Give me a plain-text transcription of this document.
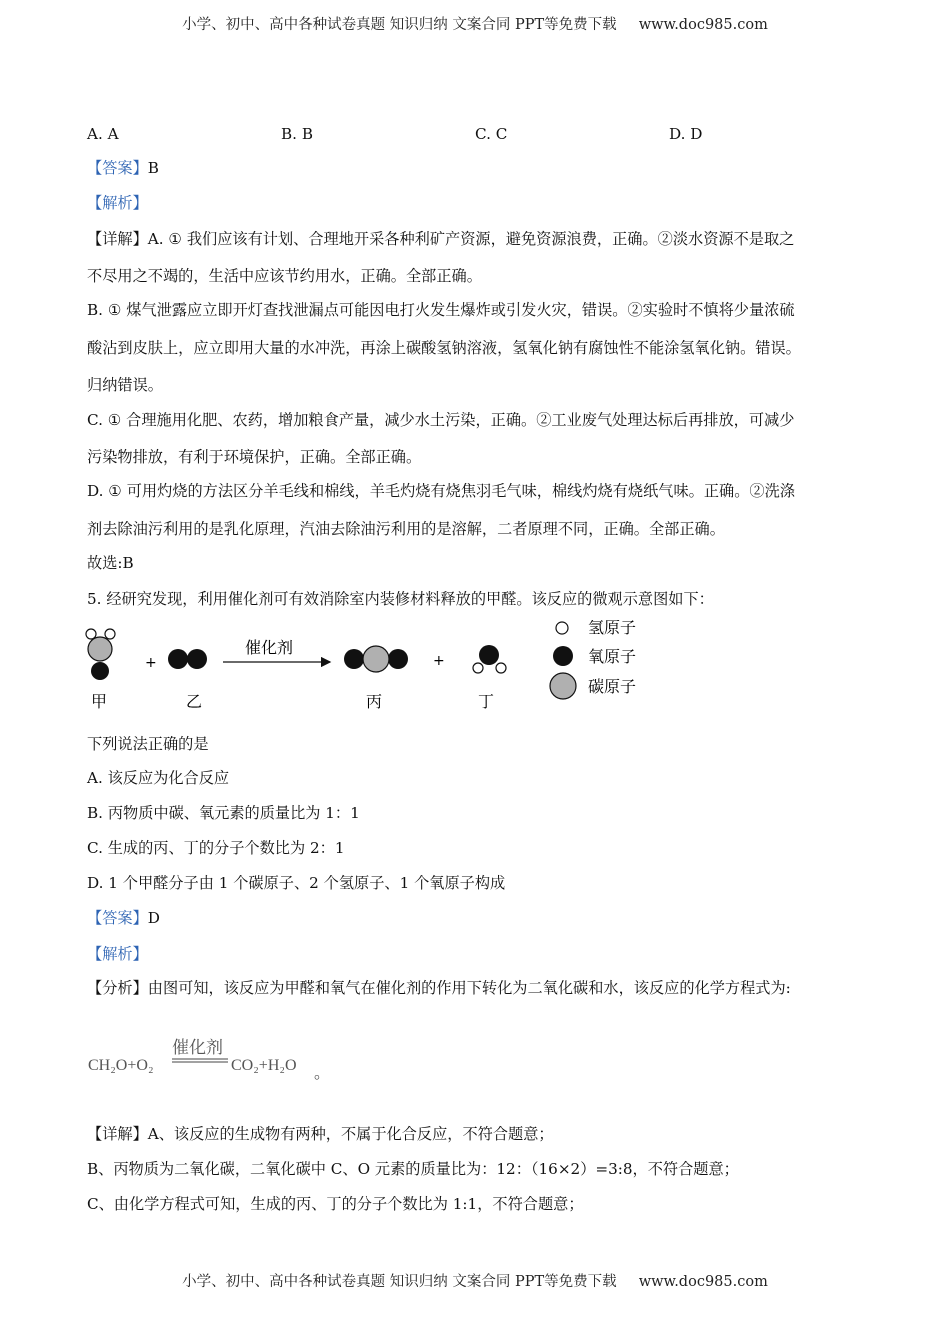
小学、初中、高中各种试卷真题 知识归纳 文案合同 PPT等免费下载 www.doc985.com
A. A	B. B	C. C	D. D
【答案】B
【解析】
【详解】A. ① 我们应该有计划、合理地开采各种利矿产资源，避免资源浪费，正确。②淡水资源不是取之
不尽用之不竭的，生活中应该节约用水，正确。全部正确。
B. ① 煤气泄露应立即开灯查找泄漏点可能因电打火发生爆炸或引发火灾，错误。②实验时不慎将少量浓硫
酸沾到皮肤上，应立即用大量的水冲洗，再涂上碳酸氢钠溶液，氢氧化钠有腐蚀性不能涂氢氧化钠。错误。
归纳错误。
C. ① 合理施用化肥、农药，增加粮食产量，减少水土污染，正确。②工业废气处理达标后再排放，可减少
污染物排放，有利于环境保护，正确。全部正确。
D. ① 可用灼烧的方法区分羊毛线和棉线，羊毛灼烧有烧焦羽毛气味，棉线灼烧有烧纸气味。正确。②洗涤
剂去除油污利用的是乳化原理，汽油去除油污利用的是溶解，二者原理不同，正确。全部正确。
故选:B
5. 经研究发现，利用催化剂可有效消除室内装修材料释放的甲醛。该反应的微观示意图如下：
+
催化剂
+
甲	乙	丙	丁
氢原子
氧原子
碳原子
下列说法正确的是
A. 该反应为化合反应
B. 丙物质中碳、氧元素的质量比为 1：1
C. 生成的丙、丁的分子个数比为 2：1
D. 1 个甲醛分子由 1 个碳原子、2 个氢原子、1 个氧原子构成
【答案】D
【解析】
【分析】由图可知，该反应为甲醛和氧气在催化剂的作用下转化为二氧化碳和水，该反应的化学方程式为:
催化剂
CH₂O+O₂	CO₂+H₂O 。
【详解】A、该反应的生成物有两种，不属于化合反应，不符合题意；
B、丙物质为二氧化碳，二氧化碳中 C、O 元素的质量比为：12：（16×2）=3:8，不符合题意；
C、由化学方程式可知，生成的丙、丁的分子个数比为 1:1，不符合题意；
小学、初中、高中各种试卷真题 知识归纳 文案合同 PPT等免费下载 www.doc985.com
